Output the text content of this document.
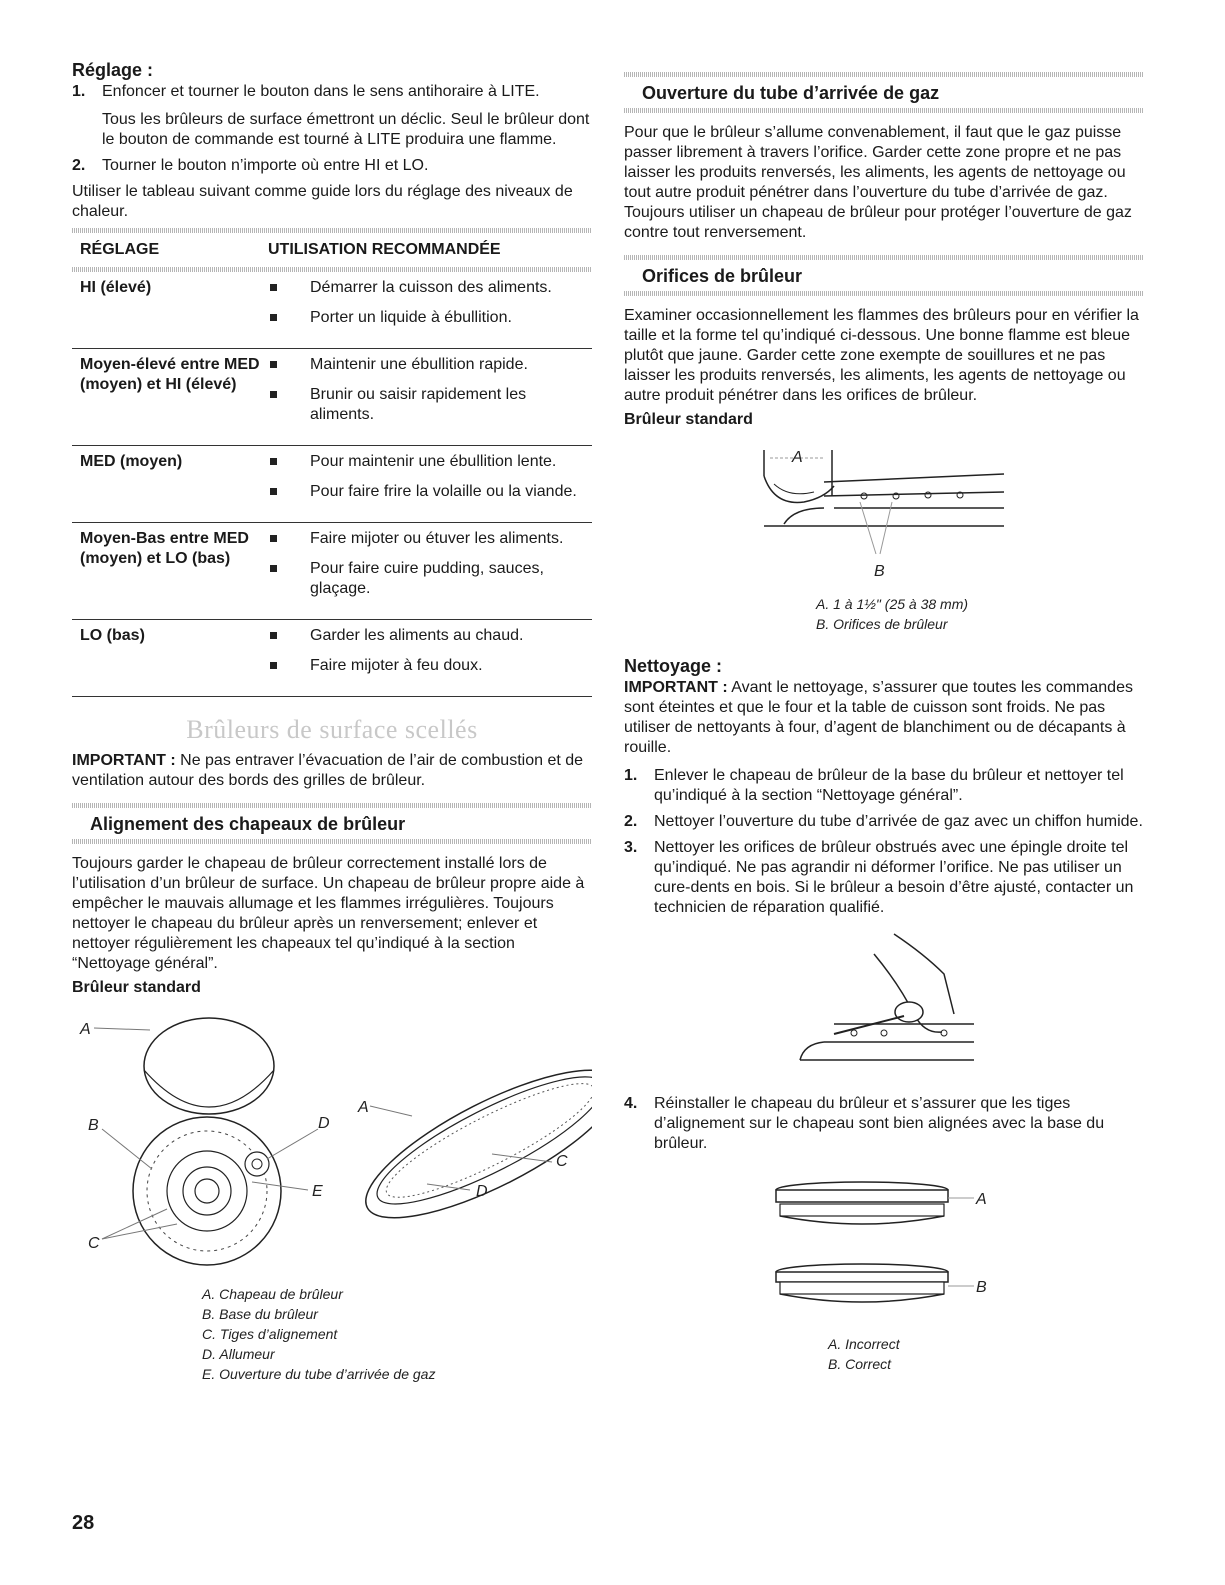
Réglage :

1. Enfoncer et tourner le bouton dans le sens antihoraire à LITE.
Tous les brûleurs de surface émettront un déclic. Seul le brûleur dont le bouton de commande est tourné à LITE produira une flamme.
2. Tourner le bouton n’importe où entre HI et LO.

Utiliser le tableau suivant comme guide lors du réglage des niveaux de chaleur.

RÉGLAGE	UTILISATION RECOMMANDÉE

HI (élevé)	Démarrer la cuisson des aliments.
Porter un liquide à ébullition.

Moyen-élevé entre MED (moyen) et HI (élevé)	Maintenir une ébullition rapide.
Brunir ou saisir rapidement les aliments.

MED (moyen)	Pour maintenir une ébullition lente.
Pour faire frire la volaille ou la viande.

Moyen-Bas entre MED (moyen) et LO (bas)	Faire mijoter ou étuver les aliments.
Pour faire cuire pudding, sauces, glaçage.

LO (bas)	Garder les aliments au chaud.
Faire mijoter à feu doux.
Brûleurs de surface scellés

IMPORTANT : Ne pas entraver l’évacuation de l’air de combustion et de ventilation autour des bords des grilles de brûleur.

Alignement des chapeaux de brûleur

Toujours garder le chapeau de brûleur correctement installé lors de l’utilisation d’un brûleur de surface. Un chapeau de brûleur propre aide à empêcher le mauvais allumage et les flammes irrégulières. Toujours nettoyer le chapeau du brûleur après un renversement; enlever et nettoyer régulièrement les chapeaux tel qu’indiqué à la section “Nettoyage général”.

Brûleur standard

A
B
C
D
E
A
C
D
A. Chapeau de brûleur
B. Base du brûleur
C. Tiges d’alignement
D. Allumeur
E. Ouverture du tube d’arrivée de gaz
Ouverture du tube d’arrivée de gaz

Pour que le brûleur s’allume convenablement, il faut que le gaz puisse passer librement à travers l’orifice. Garder cette zone propre et ne pas laisser les produits renversés, les aliments, les agents de nettoyage ou tout autre produit pénétrer dans l’ouverture du tube d’arrivée de gaz. Toujours utiliser un chapeau de brûleur pour protéger l’ouverture de gaz contre tout renversement.

Orifices de brûleur

Examiner occasionnellement les flammes des brûleurs pour en vérifier la taille et la forme tel qu’indiqué ci-dessous. Une bonne flamme est bleue plutôt que jaune. Garder cette zone exempte de souillures et ne pas laisser les produits renversés, les aliments, les agents de nettoyage ou autre produit pénétrer dans les orifices de brûleur.

Brûleur standard

A
B
A. 1 à 1½" (25 à 38 mm)
B. Orifices de brûleur

Nettoyage :

IMPORTANT : Avant le nettoyage, s’assurer que toutes les commandes sont éteintes et que le four et la table de cuisson sont froids. Ne pas utiliser de nettoyants à four, d’agent de blanchiment ou de décapants à rouille.

1. Enlever le chapeau de brûleur de la base du brûleur et nettoyer tel qu’indiqué à la section “Nettoyage général”.
2. Nettoyer l’ouverture du tube d’arrivée de gaz avec un chiffon humide.
3. Nettoyer les orifices de brûleur obstrués avec une épingle droite tel qu’indiqué. Ne pas agrandir ni déformer l’orifice. Ne pas utiliser un cure-dents en bois. Si le brûleur a besoin d’être ajusté, contacter un technicien de réparation qualifié.
4. Réinstaller le chapeau du brûleur et s’assurer que les tiges d’alignement sur le chapeau sont bien alignées avec la base du brûleur.
A
B
A. Incorrect
B. Correct
28
